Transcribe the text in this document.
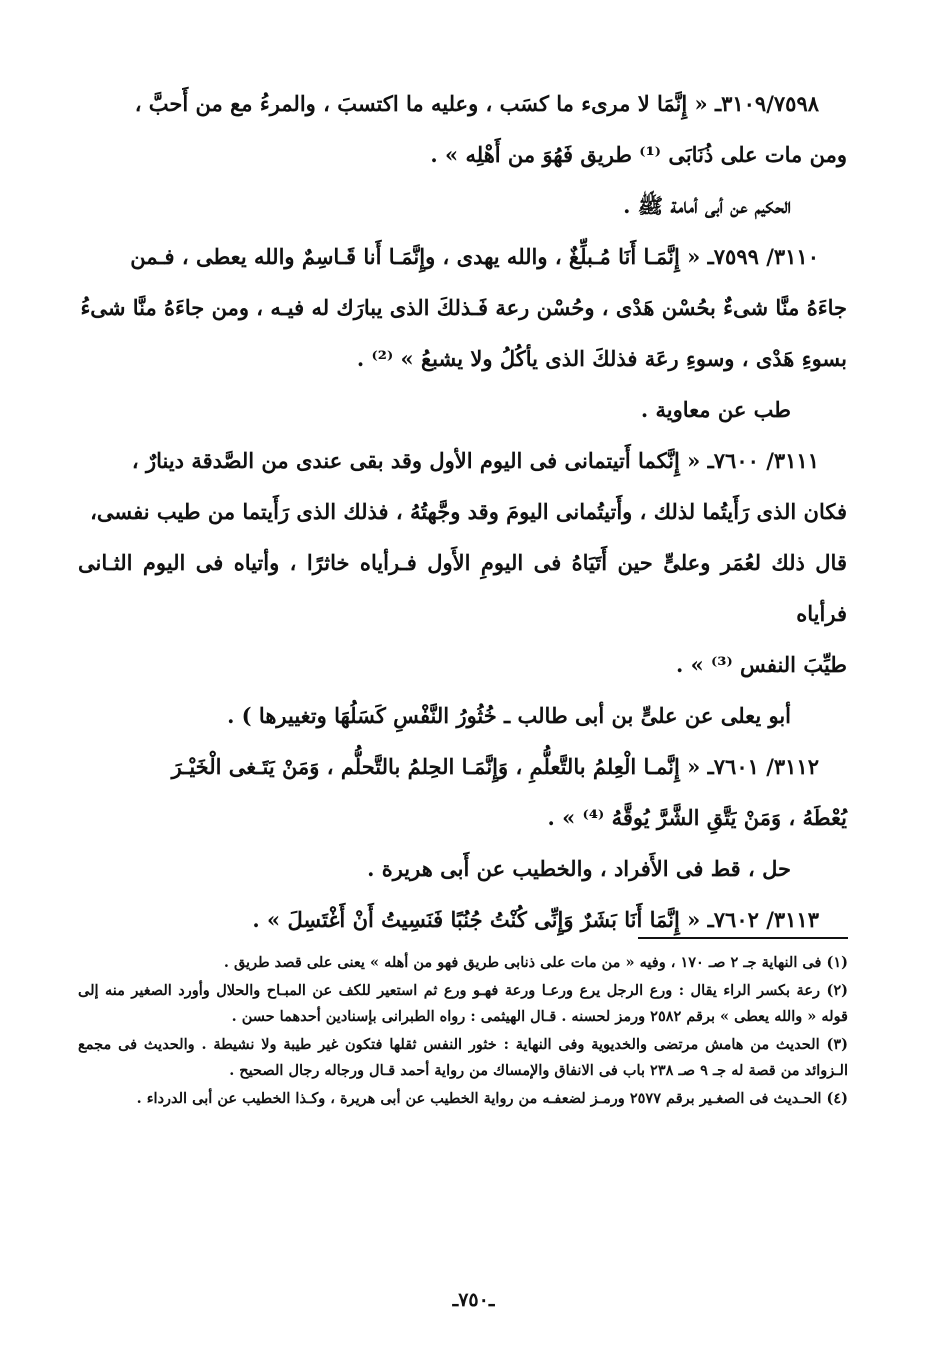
٣١٠٩/٧٥٩٨ـ « إِنَّمَا لا مرىء ما كسَب ، وعليه ما اكتسبَ ، والمرءُ مع من أَحبَّ ،

ومن مات على ذُنَابَى ⁽¹⁾ طريق فَهُوَ من أَهْلِه » .

الحكيم عن أبى أمامة ﷺ .

٣١١٠/ ٧٥٩٩ـ « إِنَّمَـا أَنَا مُـبلِّغٌ ، والله يهدى ، وإِنَّمَـا أَنا قَـاسِمٌ والله يعطى ، فـمن

جاءَهُ منَّا شىءٌ بحُسْن هَدْى ، وحُسْن رعة فَـذلكَ الذى يبارَك له فيـه ، ومن جاءَهُ منَّا شىءُ

بسوءِ هَدْى ، وسوءِ رعَة فذلكَ الذى يأكُلُ ولا يشبعُ » ⁽²⁾ .

طب عن معاوية .

٣١١١/ ٧٦٠٠ـ « إِنَّكما أَتيتمانى فى اليوم الأول وقد بقى عندى من الصَّدقة دينارٌ ،

فكان الذى رَأَيتُما لذلك ، وأَتيتُمانى اليومَ وقد وجَّهتُهُ ، فذلك الذى رَأَيتما من طيب نفسى،

قال ذلك لعُمَر وعلىٍّ حين أَتَيَاهُ فى اليومِ الأَول فـرأياه خاثرًا ، وأتياه فى اليوم الثـانى فرأياه

طيِّبَ النفس ⁽³⁾ » .

أبو يعلى عن علىٍّ بن أبى طالب ـ خُثُورُ النَّفْسِ كَسَلُهَا وتغييرها ) .

٣١١٢/ ٧٦٠١ـ « إِنَّمـا الْعِلمُ بالتَّعلُّمِ ، وَإِنَّمَـا الحِلمُ بالتَّحلُّم ، وَمَنْ يَتَـغى الْخَيْـرَ

يُعْطَهُ ، وَمَنْ يَتَّقِ الشَّرَّ يُوقَّهُ ⁽⁴⁾ » .

حل ، قط فى الأَفراد ، والخطيب عن أَبى هريرة .

٣١١٣/ ٧٦٠٢ـ « إِنَّمَا أَنَا بَشَرٌ وَإِنِّى كُنْتُ جُنُبًا فَنَسِيتُ أَنْ أَغْتَسِلَ » .

(١) فى النهاية جـ ٢ صـ ١٧٠ ، وفيه « من مات على ذنابى طريق فهو من أهله » يعنى على قصد طريق .

(٢) رعة بكسر الراء يقال : ورع الرجل يرع ورعـا ورعة فهـو ورع ثم استعير للكف عن المبـاح والحلال وأورد الصغير منه إلى قوله « والله يعطى » برقم ٢٥٨٢ ورمز لحسنه . قـال الهيثمى : رواه الطبرانى بإسنادين أحدهما حسن .

(٣) الحديث من هامش مرتضى والخديوية وفى النهاية : خثور النفس ثقلها فتكون غير طيبة ولا نشيطة . والحديث فى مجمع الـزوائد من قصة له جـ ٩ صـ ٢٣٨ باب فى الانفاق والإمساك من رواية أحمد قـال ورجاله رجال الصحيح .

(٤) الحـديث فى الصغـير برقم ٢٥٧٧ ورمـز لضعفـه من رواية الخطيب عن أبى هريرة ، وكـذا الخطيب عن أبى الدرداء .

ـ٧٥٠ـ
